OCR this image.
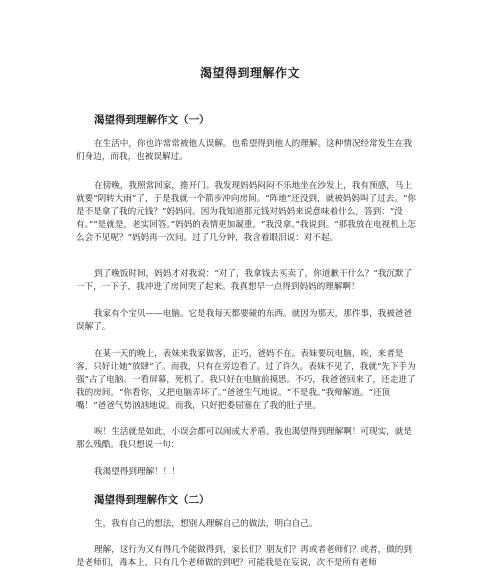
渴望得到理解作文
渴望得到理解作文（一）

在生活中，你也许常常被他人误解。也希望得到他人的理解。这种情况经常发生在我们身边，而我，也被误解过。

在傍晚，我照常回家，推开门。我发现妈妈闷闷不乐地坐在沙发上，我有预感，马上就要“阴转大雨”了，于是我就一个箭步冲向房间。“阵地”还没到，就被妈妈叫了过去。“你是不是拿了我的元钱？”妈妈问。因为我知道那元钱对妈妈来说意味着什么，答到：“没有。”“是就是，老实回答。”妈妈的表情更加凝重。“我没拿。”我说到。“那我放在电视机上怎么会不见呢？”妈妈再一次问。过了几分钟，我含着眼泪说：对不起。

到了晚饭时间，妈妈才对我说：“对了，我拿钱去买卖了，你道歉干什么？”我沉默了一下，一下子，我冲进了房间哭了起来。我真想早一点得到妈妈的理解啊！

我家有个宝贝——电脑。它是我每天都要碰的东西。就因为那天，那件事，我被爸爸误解了。

在某一天的晚上，表妹来我家做客，正巧，爸妈不在。表妹要玩电脑，唉，来者是客，只好让她“放肆”了。而我，只有在旁边看了。过了许久。表妹不见了，我就“先下手为强”占了电脑。一看屏幕，死机了。我只好在电脑前摸思。不巧，我爸爸回来了，还走进了我的房间。“你看你，又把电脑弄坏了。”爸爸生气地说。“不是我。”我辩解道。“还顶嘴！”爸爸气势汹汹地说。而我，只好把委屈塞在了我的肚子里。

唉！生活就是如此，小误会都可以闹成大矛盾。我也渴望得到理解啊！可现实，就是那么残酷。我只想说一句：

我渴望得到理解！！！

渴望得到理解作文（二）

生，我有自己的想法，想别人理解自己的做法，明白自己。

理解，这行为又有得几个能做得到，家长们？朋友们？再或者老师们？或者，做的到是老师们，毒本上，只有几个老师做的到吧？可能我是在妄说，次不是所有老师
